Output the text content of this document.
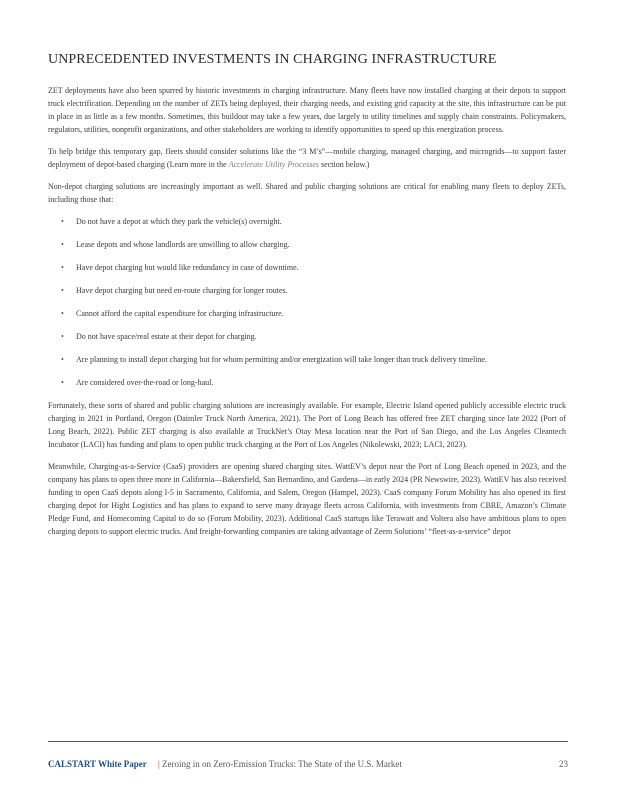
UNPRECEDENTED INVESTMENTS IN CHARGING INFRASTRUCTURE

ZET deployments have also been spurred by historic investments in charging infrastructure. Many fleets have now installed charging at their depots to support truck electrification. Depending on the number of ZETs being deployed, their charging needs, and existing grid capacity at the site, this infrastructure can be put in place in as little as a few months. Sometimes, this buildout may take a few years, due largely to utility timelines and supply chain constraints. Policymakers, regulators, utilities, nonprofit organizations, and other stakeholders are working to identify opportunities to speed up this energization process.

To help bridge this temporary gap, fleets should consider solutions like the “3 M’s”—mobile charging, managed charging, and microgrids—to support faster deployment of depot-based charging (Learn more in the Accelerate Utility Processes section below.)

Non-depot charging solutions are increasingly important as well. Shared and public charging solutions are critical for enabling many fleets to deploy ZETs, including those that:

• Do not have a depot at which they park the vehicle(s) overnight.
• Lease depots and whose landlords are unwilling to allow charging.
• Have depot charging but would like redundancy in case of downtime.
• Have depot charging but need en-route charging for longer routes.
• Cannot afford the capital expenditure for charging infrastructure.
• Do not have space/real estate at their depot for charging.
• Are planning to install depot charging but for whom permitting and/or energization will take longer than truck delivery timeline.
• Are considered over-the-road or long-haul.

Fortunately, these sorts of shared and public charging solutions are increasingly available. For example, Electric Island opened publicly accessible electric truck charging in 2021 in Portland, Oregon (Daimler Truck North America, 2021). The Port of Long Beach has offered free ZET charging since late 2022 (Port of Long Beach, 2022). Public ZET charging is also available at TruckNet’s Otay Mesa location near the Port of San Diego, and the Los Angeles Cleantech Incubator (LACI) has funding and plans to open public truck charging at the Port of Los Angeles (Nikolewski, 2023; LACI, 2023).

Meanwhile, Charging-as-a-Service (CaaS) providers are opening shared charging sites. WattEV’s depot near the Port of Long Beach opened in 2023, and the company has plans to open three more in California—Bakersfield, San Bernardino, and Gardena—in early 2024 (PR Newswire, 2023). WattEV has also received funding to open CaaS depots along I-5 in Sacramento, California, and Salem, Oregon (Hampel, 2023). CaaS company Forum Mobility has also opened its first charging depot for Hight Logistics and has plans to expand to serve many drayage fleets across California, with investments from CBRE, Amazon’s Climate Pledge Fund, and Homecoming Capital to do so (Forum Mobility, 2023). Additional CaaS startups like Terawatt and Voltera also have ambitious plans to open charging depots to support electric trucks. And freight-forwarding companies are taking advantage of Zeem Solutions’ “fleet-as-a-service” depot

CALSTART White Paper | Zeroing in on Zero-Emission Trucks: The State of the U.S. Market	23
